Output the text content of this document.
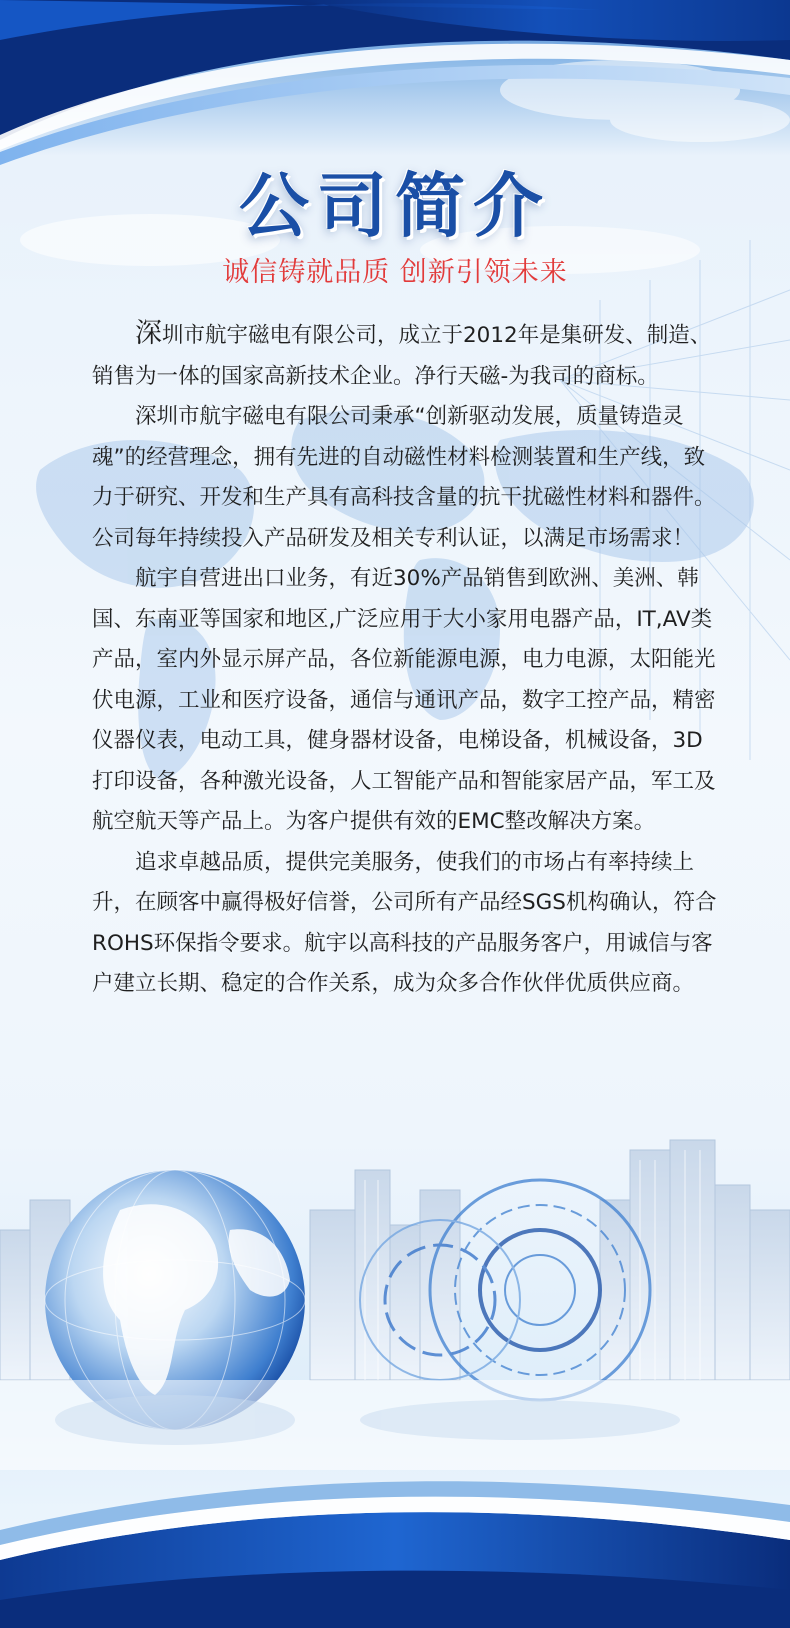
公司简介
诚信铸就品质 创新引领未来

深圳市航宇磁电有限公司，成立于2012年是集研发、制造、销售为一体的国家高新技术企业。净行天磁-为我司的商标。

深圳市航宇磁电有限公司秉承“创新驱动发展，质量铸造灵魂”的经营理念，拥有先进的自动磁性材料检测装置和生产线，致力于研究、开发和生产具有高科技含量的抗干扰磁性材料和器件。公司每年持续投入产品研发及相关专利认证，以满足市场需求！

航宇自营进出口业务，有近30%产品销售到欧洲、美洲、韩国、东南亚等国家和地区,广泛应用于大小家用电器产品，IT,AV类产品，室内外显示屏产品，各位新能源电源，电力电源，太阳能光伏电源，工业和医疗设备，通信与通讯产品，数字工控产品，精密仪器仪表，电动工具，健身器材设备，电梯设备，机械设备，3D打印设备，各种激光设备，人工智能产品和智能家居产品，军工及航空航天等产品上。为客户提供有效的EMC整改解决方案。

追求卓越品质，提供完美服务，使我们的市场占有率持续上升，在顾客中赢得极好信誉，公司所有产品经SGS机构确认，符合ROHS环保指令要求。航宇以高科技的产品服务客户，用诚信与客户建立长期、稳定的合作关系，成为众多合作伙伴优质供应商。
